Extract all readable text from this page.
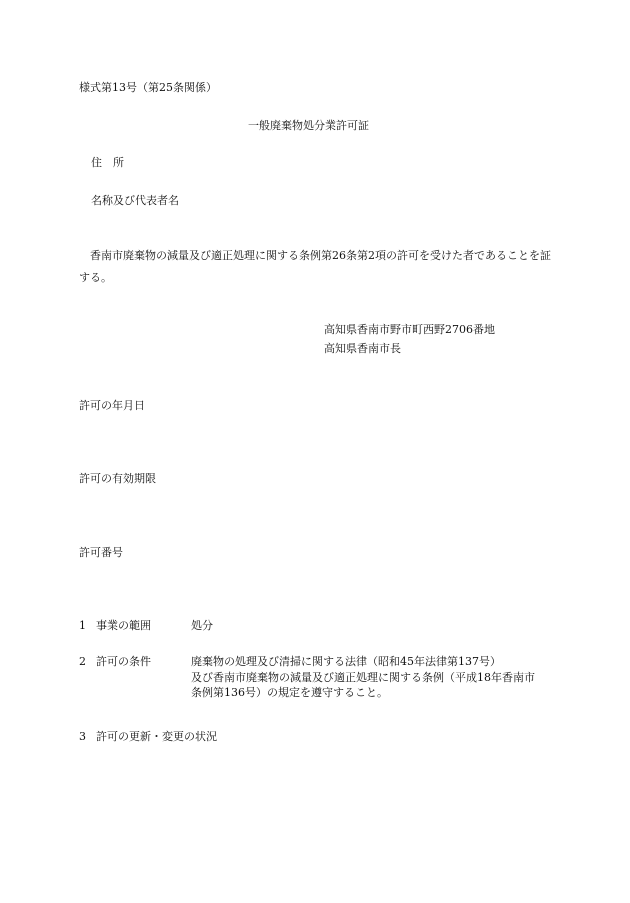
様式第13号（第25条関係）
一般廃棄物処分業許可証
住　所
名称及び代表者名
　香南市廃棄物の減量及び適正処理に関する条例第26条第2項の許可を受けた者であることを証する。
高知県香南市野市町西野2706番地
高知県香南市長
許可の年月日
許可の有効期限
許可番号
1 事業の範囲	処分
2 許可の条件	廃棄物の処理及び清掃に関する法律（昭和45年法律第137号）
及び香南市廃棄物の減量及び適正処理に関する条例（平成18年香南市
条例第136号）の規定を遵守すること。
3 許可の更新・変更の状況
